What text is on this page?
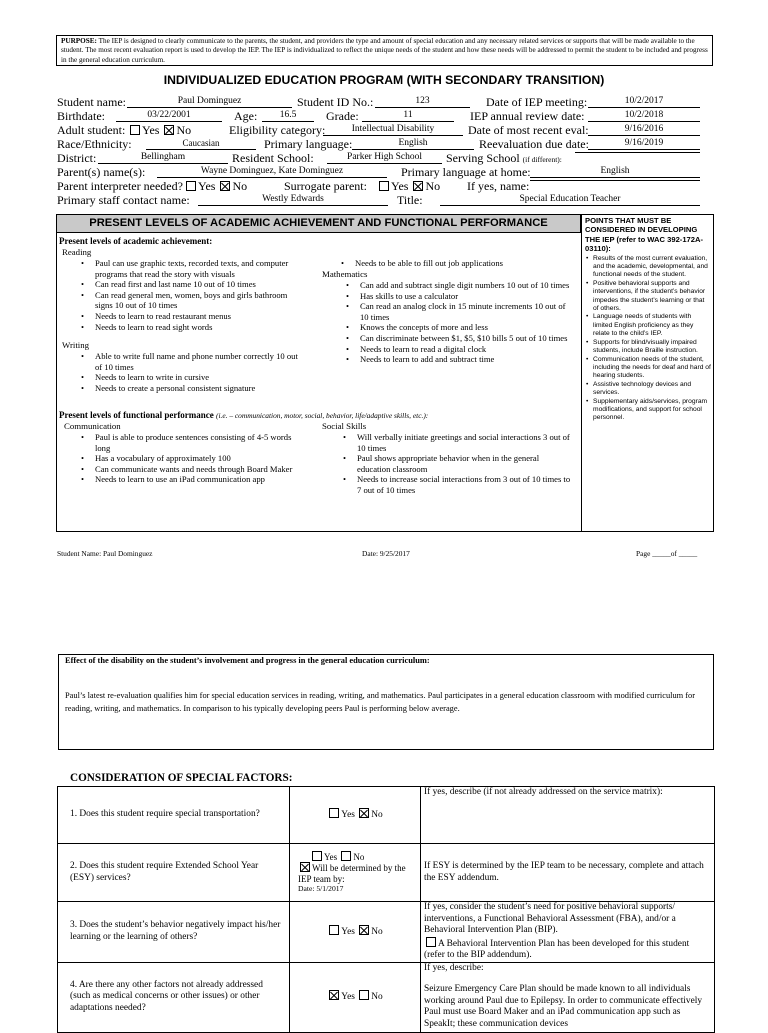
PURPOSE: The IEP is designed to clearly communicate to the parents, the student, and providers the type and amount of special education and any necessary related services or supports that will be made available to the student. The most recent evaluation report is used to develop the IEP. The IEP is individualized to reflect the unique needs of the student and how these needs will be addressed to permit the student to be included and progress in the general education curriculum.
INDIVIDUALIZED EDUCATION PROGRAM (WITH SECONDARY TRANSITION)
Student name:	Paul Dominguez	Student ID No.:	123	Date of IEP meeting:	10/2/2017
Birthdate:	03/22/2001	Age:	16.5	Grade:	11	IEP annual review date:	10/2/2018
Adult student:	Yes No	Eligibility category:	Intellectual Disability	Date of most recent eval:	9/16/2016
Race/Ethnicity:	Caucasian	Primary language:	English	Reevaluation due date:	9/16/2019
District:	Bellingham	Resident School:	Parker High School	Serving School (if different):
Parent(s) name(s):	Wayne Dominguez, Kate Dominguez	Primary language at home:	English
Parent interpreter needed?	Yes No	Surrogate parent:	Yes No If yes, name:
Primary staff contact name:	Westly Edwards	Title:	Special Education Teacher
PRESENT LEVELS OF ACADEMIC ACHIEVEMENT AND FUNCTIONAL PERFORMANCE
Present levels of academic achievement:
Reading
• Paul can use graphic texts, recorded texts, and computer programs that read the story with visuals
• Can read first and last name 10 out of 10 times
• Can read general men, women, boys and girls bathroom signs 10 out of 10 times
• Needs to learn to read restaurant menus
• Needs to learn to read sight words
Writing
• Able to write full name and phone number correctly 10 out of 10 times
• Needs to learn to write in cursive
• Needs to create a personal consistent signature
• Needs to be able to fill out job applications
Mathematics
• Can add and subtract single digit numbers 10 out of 10 times
• Has skills to use a calculator
• Can read an analog clock in 15 minute increments 10 out of 10 times
• Knows the concepts of more and less
• Can discriminate between $1, $5, $10 bills 5 out of 10 times
• Needs to learn to read a digital clock
• Needs to learn to add and subtract time
Present levels of functional performance (i.e. – communication, motor, social, behavior, life/adaptive skills, etc.):
Communication
• Paul is able to produce sentences consisting of 4-5 words long
• Has a vocabulary of approximately 100
• Can communicate wants and needs through Board Maker
• Needs to learn to use an iPad communication app
Social Skills
• Will verbally initiate greetings and social interactions 3 out of 10 times
• Paul shows appropriate behavior when in the general education classroom
• Needs to increase social interactions from 3 out of 10 times to 7 out of 10 times
POINTS THAT MUST BE CONSIDERED IN DEVELOPING THE IEP (refer to WAC 392-172A-03110):
• Results of the most current evaluation, and the academic, developmental, and functional needs of the student.
• Positive behavioral supports and interventions, if the student’s behavior impedes the student’s learning or that of others.
• Language needs of students with limited English proficiency as they relate to the child’s IEP.
• Supports for blind/visually impaired students, include Braille instruction.
• Communication needs of the student, including the needs for deaf and hard of hearing students.
• Assistive technology devices and services.
• Supplementary aids/services, program modifications, and support for school personnel.
Student Name: Paul Dominguez	Date: 9/25/2017	Page _____of _____
Effect of the disability on the student’s involvement and progress in the general education curriculum:
Paul’s latest re-evaluation qualifies him for special education services in reading, writing, and mathematics. Paul participates in a general education classroom with modified curriculum for reading, writing, and mathematics. In comparison to his typically developing peers Paul is performing below average.
CONSIDERATION OF SPECIAL FACTORS:
1. Does this student require special transportation?	Yes No	If yes, describe (if not already addressed on the service matrix):
2. Does this student require Extended School Year (ESY) services?	Yes No
Will be determined by the IEP team by:
Date: 5/1/2017	If ESY is determined by the IEP team to be necessary, complete and attach the ESY addendum.
3. Does the student’s behavior negatively impact his/her learning or the learning of others?	Yes No	If yes, consider the student’s need for positive behavioral supports/ interventions, a Functional Behavioral Assessment (FBA), and/or a Behavioral Intervention Plan (BIP).
A Behavioral Intervention Plan has been developed for this student (refer to the BIP addendum).

4. Are there any other factors not already addressed (such as medical concerns or other issues) or other adaptations needed?	Yes No	If yes, describe:
Seizure Emergency Care Plan should be made known to all individuals working around Paul due to Epilepsy. In order to communicate effectively Paul must use Board Maker and an iPad communication app such as SpeakIt; these communication devices
